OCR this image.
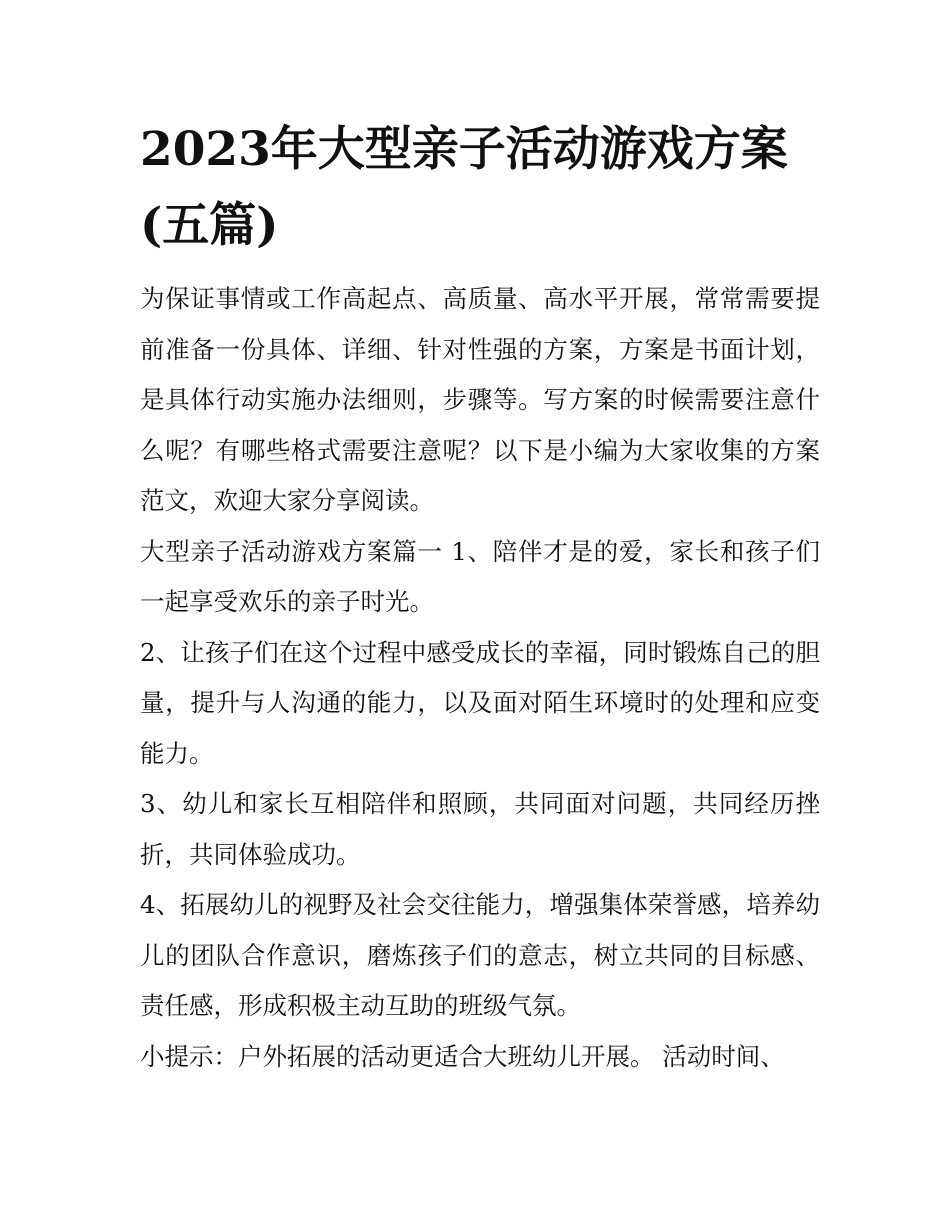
2023年大型亲子活动游戏方案(五篇)

为保证事情或工作高起点、高质量、高水平开展，常常需要提前准备一份具体、详细、针对性强的方案，方案是书面计划，是具体行动实施办法细则，步骤等。写方案的时候需要注意什么呢？有哪些格式需要注意呢？以下是小编为大家收集的方案范文，欢迎大家分享阅读。

大型亲子活动游戏方案篇一 1、陪伴才是的爱，家长和孩子们一起享受欢乐的亲子时光。

2、让孩子们在这个过程中感受成长的幸福，同时锻炼自己的胆量，提升与人沟通的能力，以及面对陌生环境时的处理和应变能力。

3、幼儿和家长互相陪伴和照顾，共同面对问题，共同经历挫折，共同体验成功。

4、拓展幼儿的视野及社会交往能力，增强集体荣誉感，培养幼儿的团队合作意识，磨炼孩子们的意志，树立共同的目标感、责任感，形成积极主动互助的班级气氛。

小提示：户外拓展的活动更适合大班幼儿开展。 活动时间、
